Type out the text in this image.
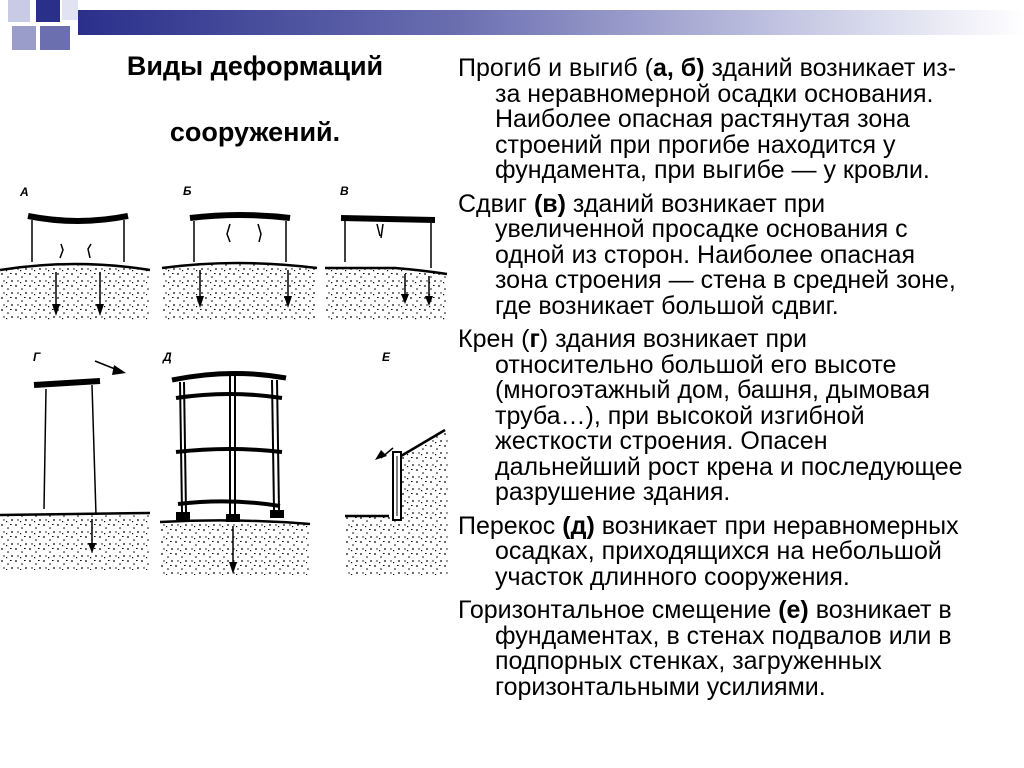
Виды деформаций
сооружений.
А	Б	В
Г	Д	Е
Прогиб и выгиб (а, б) зданий возникает из-
за неравномерной осадки основания.
Наиболее опасная растянутая зона
строений при прогибе находится у
фундамента, при выгибе — у кровли.
Сдвиг (в) зданий возникает при
увеличенной просадке основания с
одной из сторон. Наиболее опасная
зона строения — стена в средней зоне,
где возникает большой сдвиг.
Крен (г) здания возникает при
относительно большой его высоте
(многоэтажный дом, башня, дымовая
труба…), при высокой изгибной
жесткости строения. Опасен
дальнейший рост крена и последующее
разрушение здания.
Перекос (д) возникает при неравномерных
осадках, приходящихся на небольшой
участок длинного сооружения.
Горизонтальное смещение (е) возникает в
фундаментах, в стенах подвалов или в
подпорных стенках, загруженных
горизонтальными усилиями.
